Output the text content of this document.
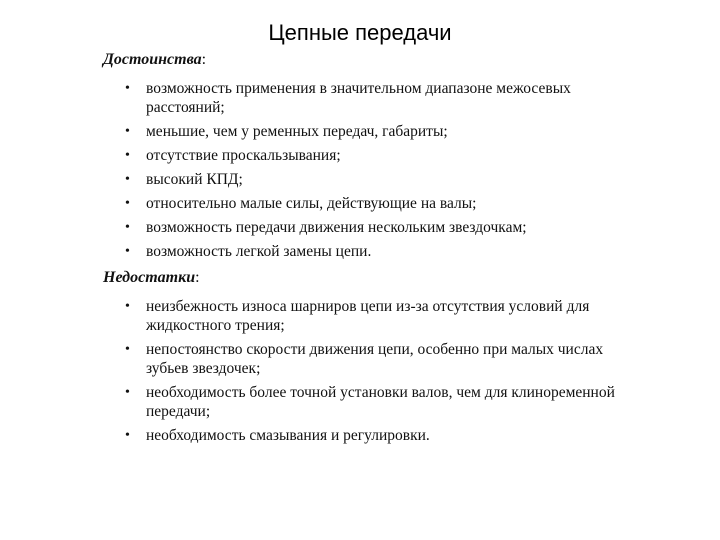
Цепные передачи
Достоинства:
• возможность применения в значительном диапазоне межосевых расстояний;
• меньшие, чем у ременных передач, габариты;
• отсутствие проскальзывания;
• высокий КПД;
• относительно малые силы, действующие на валы;
• возможность передачи движения нескольким звездочкам;
• возможность легкой замены цепи.
Недостатки:
• неизбежность износа шарниров цепи из-за отсутствия условий для жидкостного трения;
• непостоянство скорости движения цепи, особенно при малых числах зубьев звездочек;
• необходимость более точной установки валов, чем для клиноременной передачи;
• необходимость смазывания и регулировки.
